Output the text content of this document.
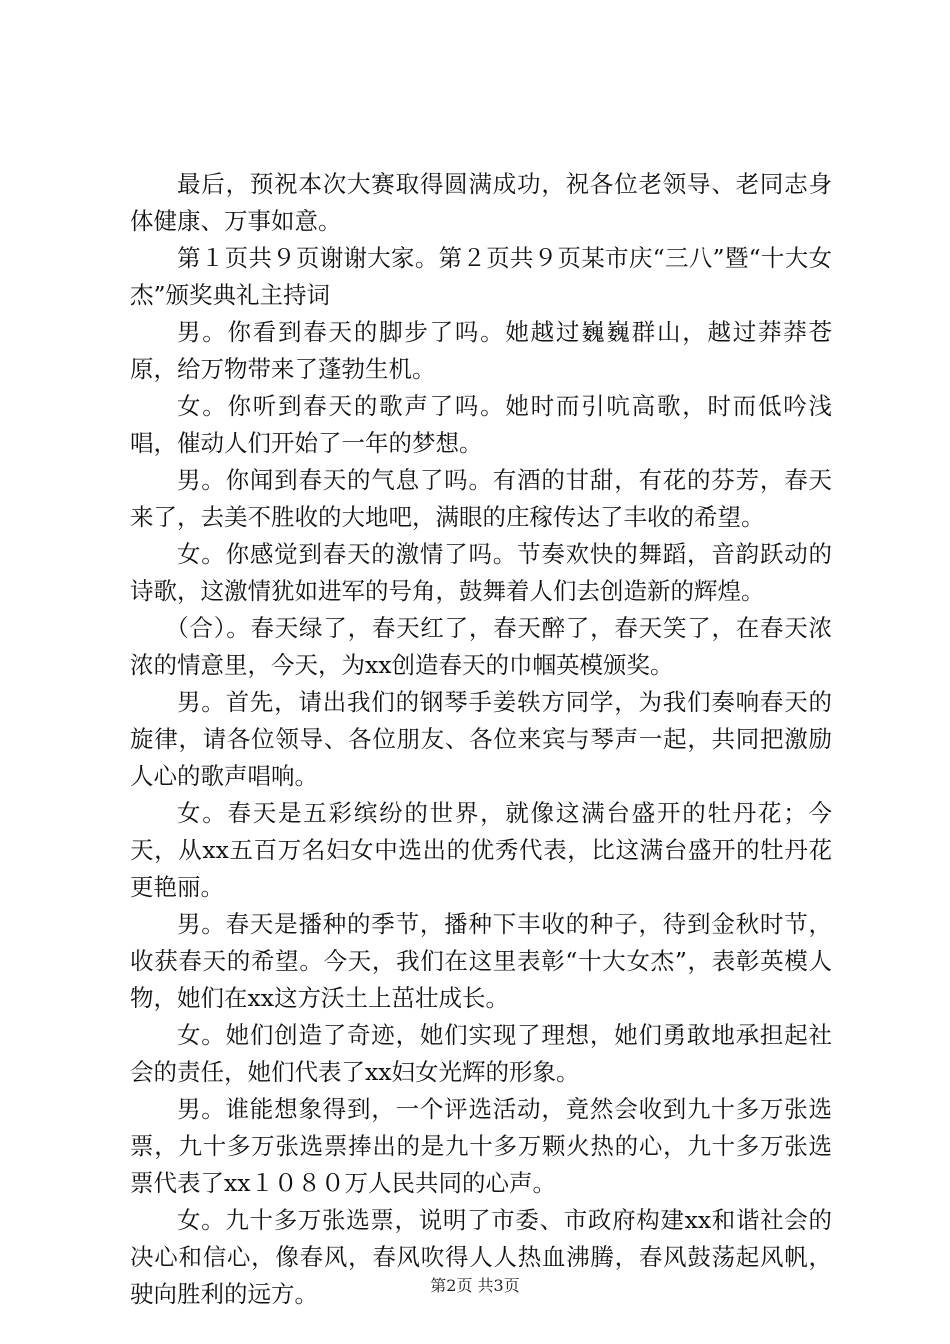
最后，预祝本次大赛取得圆满成功，祝各位老领导、老同志身体健康、万事如意。

第１页共９页谢谢大家。第２页共９页某市庆“三八”暨“十大女杰”颁奖典礼主持词

男。你看到春天的脚步了吗。她越过巍巍群山，越过莽莽苍原，给万物带来了蓬勃生机。

女。你听到春天的歌声了吗。她时而引吭高歌，时而低吟浅唱，催动人们开始了一年的梦想。

男。你闻到春天的气息了吗。有酒的甘甜，有花的芬芳，春天来了，去美不胜收的大地吧，满眼的庄稼传达了丰收的希望。

女。你感觉到春天的激情了吗。节奏欢快的舞蹈，音韵跃动的诗歌，这激情犹如进军的号角，鼓舞着人们去创造新的辉煌。

（合）。春天绿了，春天红了，春天醉了，春天笑了，在春天浓浓的情意里，今天，为xx创造春天的巾帼英模颁奖。

男。首先，请出我们的钢琴手姜轶方同学，为我们奏响春天的旋律，请各位领导、各位朋友、各位来宾与琴声一起，共同把激励人心的歌声唱响。

女。春天是五彩缤纷的世界，就像这满台盛开的牡丹花；今天，从xx五百万名妇女中选出的优秀代表，比这满台盛开的牡丹花更艳丽。

男。春天是播种的季节，播种下丰收的种子，待到金秋时节，收获春天的希望。今天，我们在这里表彰“十大女杰”，表彰英模人物，她们在xx这方沃土上茁壮成长。

女。她们创造了奇迹，她们实现了理想，她们勇敢地承担起社会的责任，她们代表了xx妇女光辉的形象。

男。谁能想象得到，一个评选活动，竟然会收到九十多万张选票，九十多万张选票捧出的是九十多万颗火热的心，九十多万张选票代表了xx１０８０万人民共同的心声。

女。九十多万张选票，说明了市委、市政府构建xx和谐社会的决心和信心，像春风，春风吹得人人热血沸腾，春风鼓荡起风帆，驶向胜利的远方。	第2页 共3页
